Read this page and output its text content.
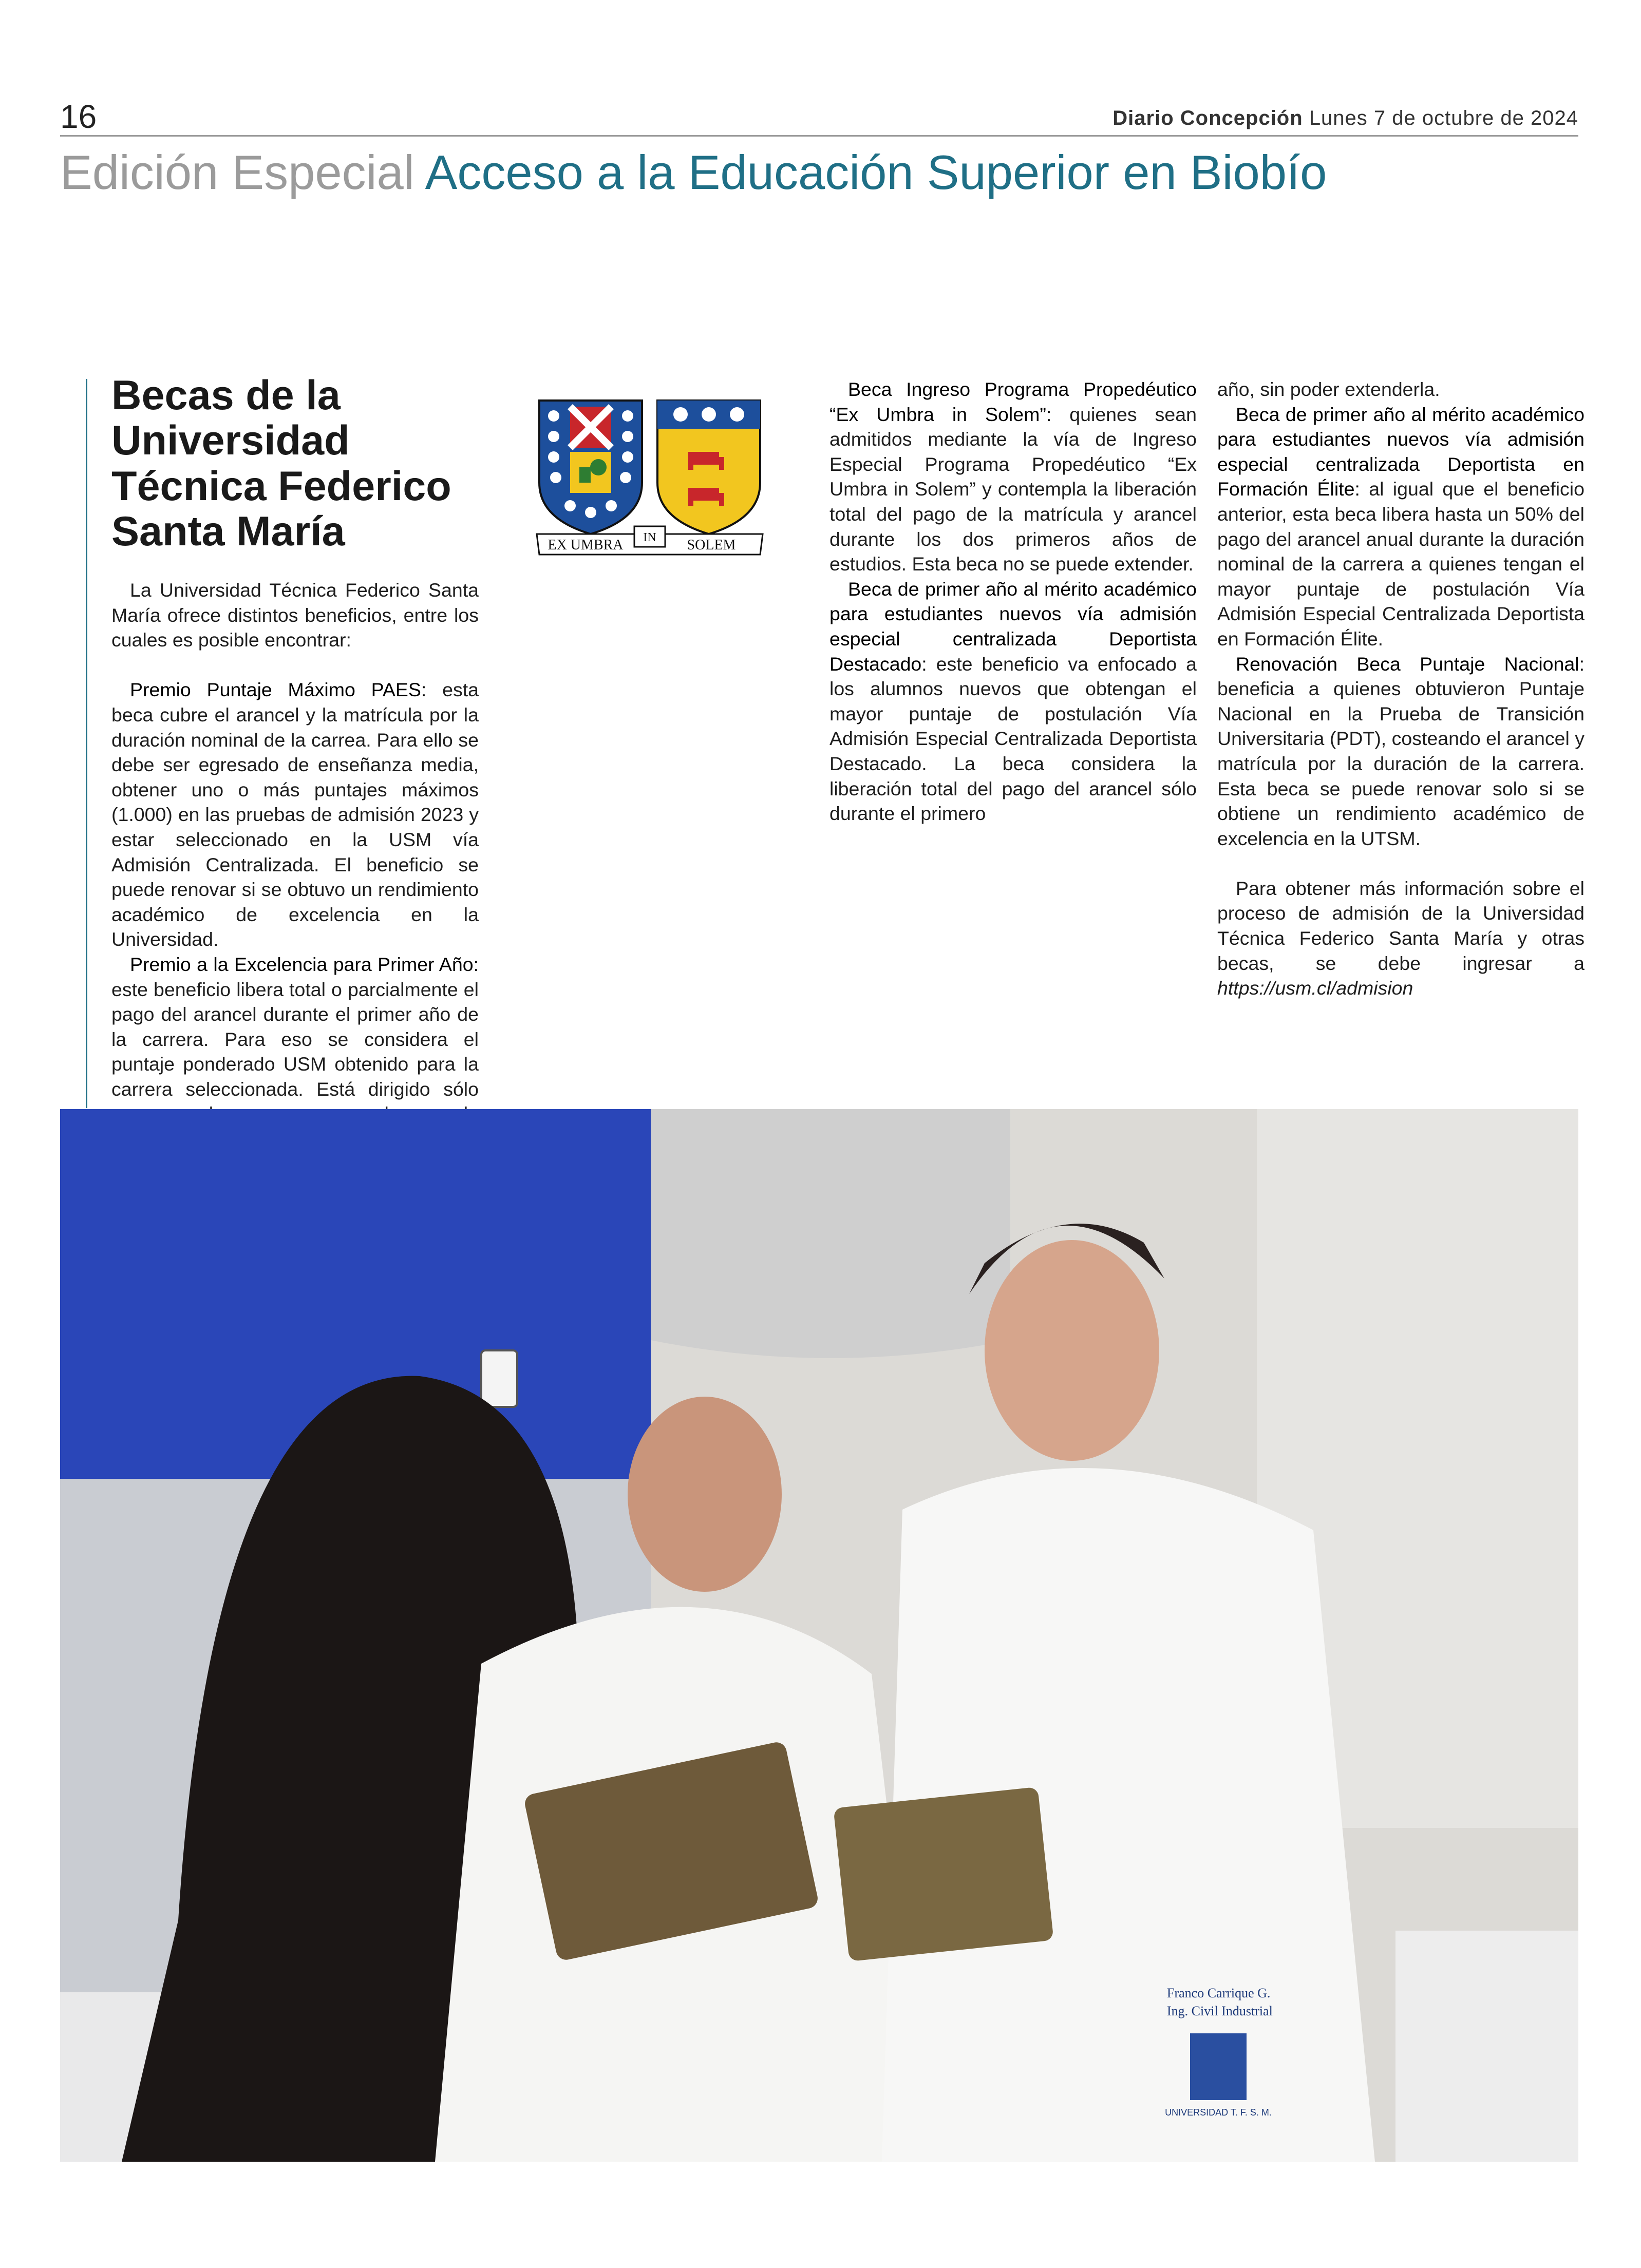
16	Diario Concepción Lunes 7 de octubre de 2024
Edición Especial Acceso a la Educación Superior en Biobío
Becas de la Universidad Técnica Federico Santa María

La Universidad Técnica Federico Santa María ofrece distintos beneficios, entre los cuales es posible encontrar:

Premio Puntaje Máximo PAES: esta beca cubre el arancel y la matrícula por la duración nominal de la carrea. Para ello se debe ser egresado de enseñanza media, obtener uno o más puntajes máximos (1.000) en las pruebas de admisión 2023 y estar seleccionado en la USM vía Admisión Centralizada. El beneficio se puede renovar si se obtuvo un rendimiento académico de excelencia en la Universidad.

Premio a la Excelencia para Primer Año: este beneficio libera total o parcialmente el pago del arancel durante el primer año de la carrera. Para eso se considera el puntaje ponderado USM obtenido para la carrera seleccionada. Está dirigido sólo

EX UMBRA IN SOLEM

Beca Ingreso Programa Propedéutico “Ex Umbra in Solem”: quienes sean admitidos mediante la vía de Ingreso Especial Programa Propedéutico “Ex Umbra in Solem” y contempla la liberación total del pago de la matrícula y arancel durante los dos primeros años de estudios. Esta beca no se puede extender.

Beca de primer año al mérito académico para estudiantes nuevos vía admisión especial centralizada Deportista Destacado: este beneficio va enfocado a los alumnos nuevos que obtengan el mayor puntaje de postulación Vía Admisión Especial Centralizada Deportista Destacado. La beca considera la liberación total del pago del arancel sólo durante el primero

año, sin poder extenderla.

Beca de primer año al mérito académico para estudiantes nuevos vía admisión especial centralizada Deportista en Formación Élite: al igual que el beneficio anterior, esta beca libera hasta un 50% del pago del arancel anual durante la duración nominal de la carrera a quienes tengan el mayor puntaje de postulación Vía Admisión Especial Centralizada Deportista en Formación Élite.

Renovación Beca Puntaje Nacional: beneficia a quienes obtuvieron Puntaje Nacional en la Prueba de Transición Universitaria (PDT), costeando el arancel y matrícula por la duración de la carrera. Esta beca se puede renovar solo si se obtiene un rendimiento académico de excelencia en la UTSM.

Para obtener más información sobre el proceso de admisión de la Universidad Técnica Federico Santa María y otras becas, se debe ingresar a https://usm.cl/admision

Franco Carrique G.
Ing. Civil Industrial
UNIVERSIDAD T. F. S. M.
